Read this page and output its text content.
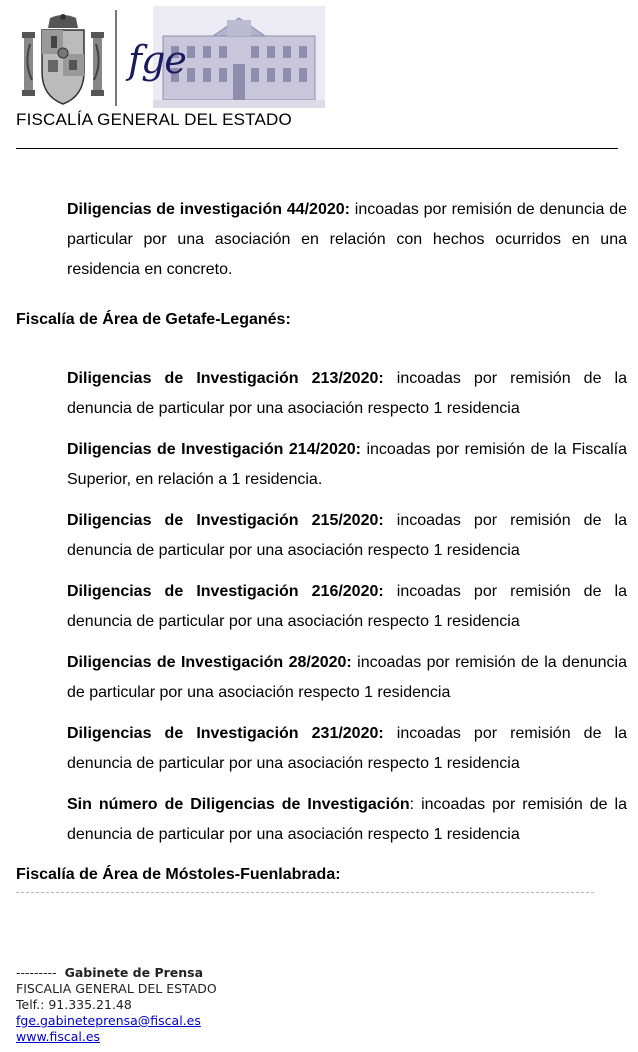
fge
FISCALÍA GENERAL DEL ESTADO

Diligencias de investigación 44/2020: incoadas por remisión de denuncia de particular por una asociación en relación con hechos ocurridos en una residencia en concreto.

Fiscalía de Área de Getafe-Leganés:

Diligencias de Investigación 213/2020: incoadas por remisión de la denuncia de particular por una asociación respecto 1 residencia

Diligencias de Investigación 214/2020: incoadas por remisión de la Fiscalía Superior, en relación a 1 residencia.

Diligencias de Investigación 215/2020: incoadas por remisión de la denuncia de particular por una asociación respecto 1 residencia

Diligencias de Investigación 216/2020: incoadas por remisión de la denuncia de particular por una asociación respecto 1 residencia

Diligencias de Investigación 28/2020: incoadas por remisión de la denuncia de particular por una asociación respecto 1 residencia

Diligencias de Investigación 231/2020: incoadas por remisión de la denuncia de particular por una asociación respecto 1 residencia

Sin número de Diligencias de Investigación: incoadas por remisión de la denuncia de particular por una asociación respecto 1 residencia

Fiscalía de Área de Móstoles-Fuenlabrada:
--------- Gabinete de Prensa
FISCALIA GENERAL DEL ESTADO
Telf.: 91.335.21.48
fge.gabineteprensa@fiscal.es
www.fiscal.es
